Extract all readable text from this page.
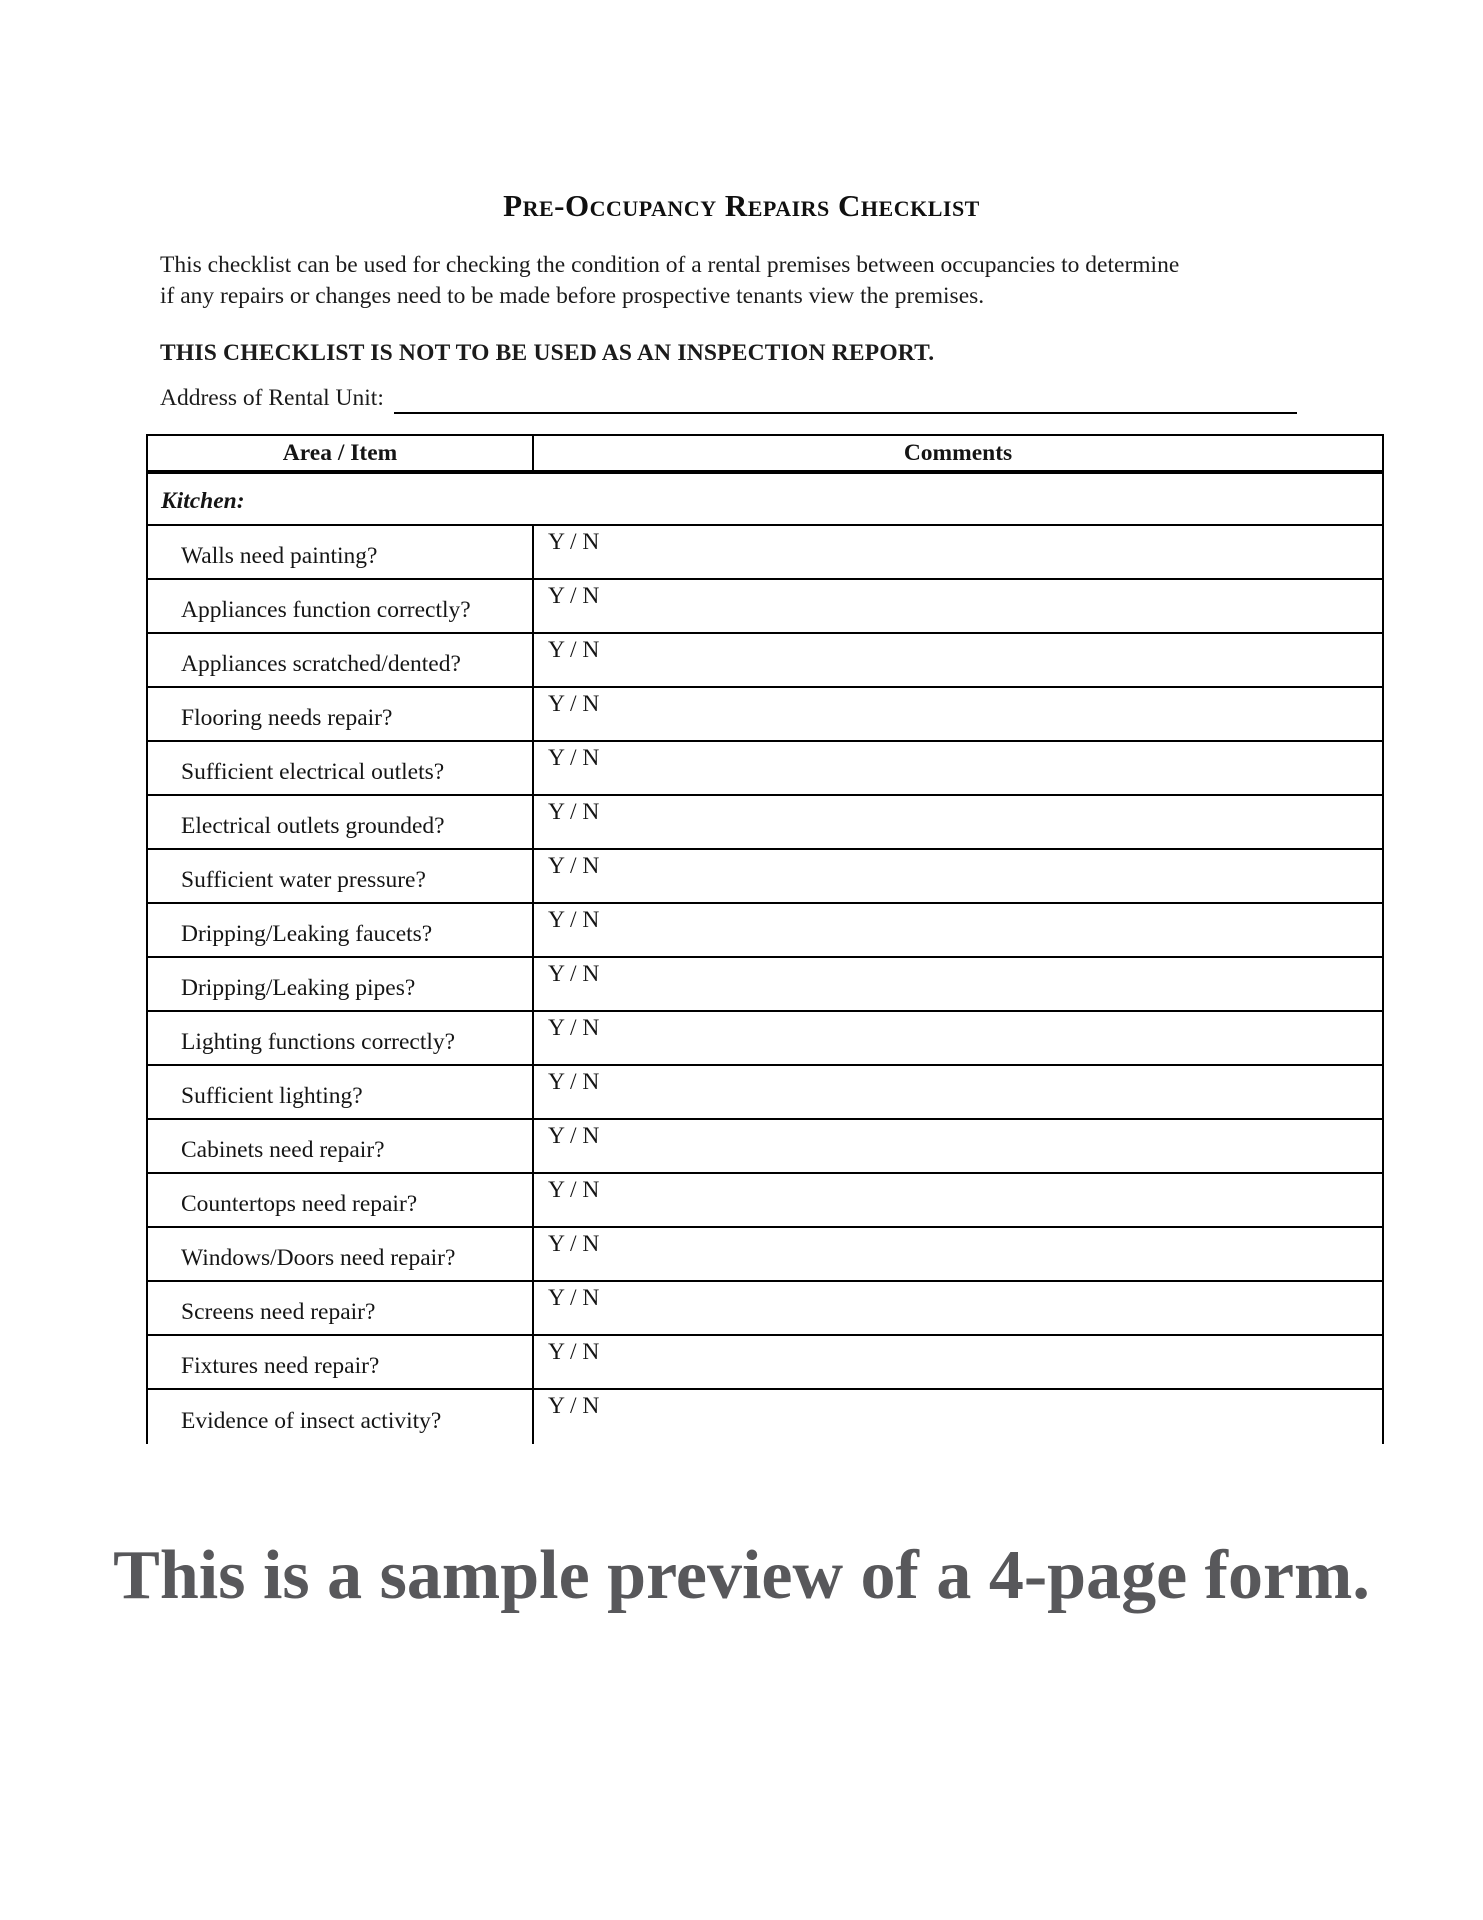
Pre-Occupancy Repairs Checklist
This checklist can be used for checking the condition of a rental premises between occupancies to determine
if any repairs or changes need to be made before prospective tenants view the premises.
THIS CHECKLIST IS NOT TO BE USED AS AN INSPECTION REPORT.
Address of Rental Unit:
Area / Item	Comments
Kitchen:	
Walls need painting?	Y / N
Appliances function correctly?	Y / N
Appliances scratched/dented?	Y / N
Flooring needs repair?	Y / N
Sufficient electrical outlets?	Y / N
Electrical outlets grounded?	Y / N
Sufficient water pressure?	Y / N
Dripping/Leaking faucets?	Y / N
Dripping/Leaking pipes?	Y / N
Lighting functions correctly?	Y / N
Sufficient lighting?	Y / N
Cabinets need repair?	Y / N
Countertops need repair?	Y / N
Windows/Doors need repair?	Y / N
Screens need repair?	Y / N
Fixtures need repair?	Y / N
Evidence of insect activity?	Y / N
This is a sample preview of a 4-page form.
